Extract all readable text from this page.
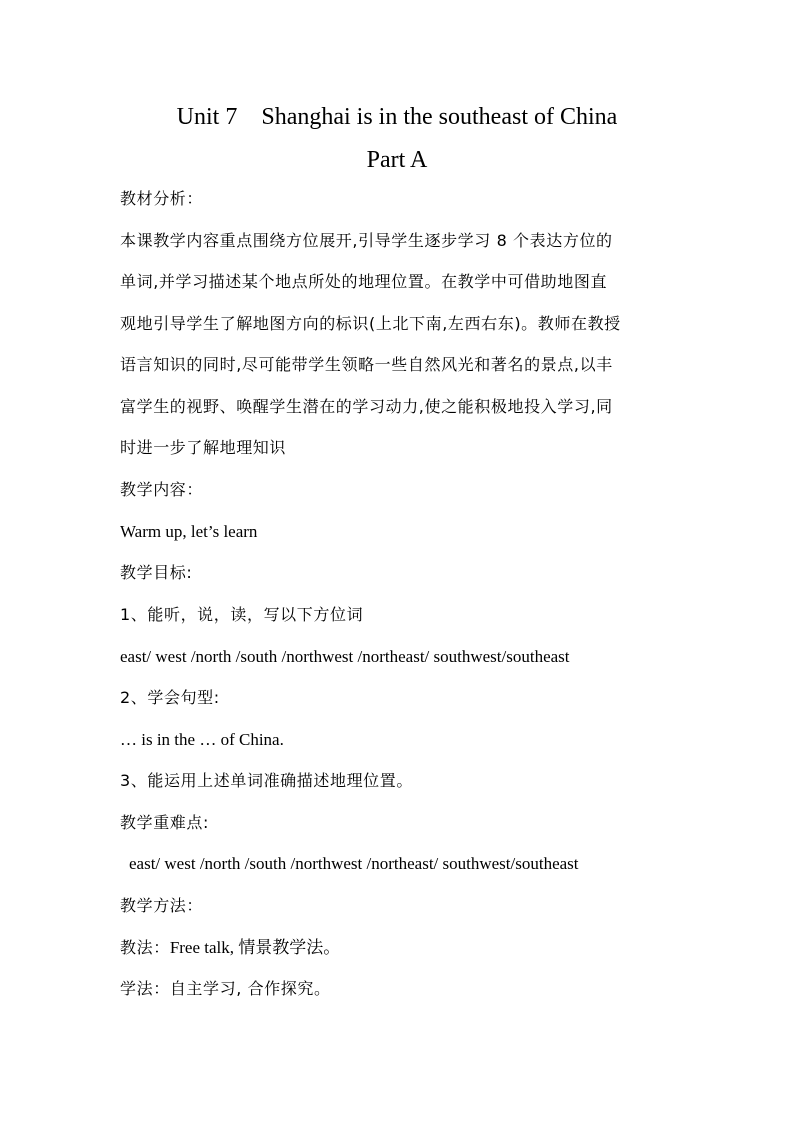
Unit 7 Shanghai is in the southeast of China
Part A
教材分析：
本课教学内容重点围绕方位展开,引导学生逐步学习 8 个表达方位的
单词,并学习描述某个地点所处的地理位置。在教学中可借助地图直
观地引导学生了解地图方向的标识(上北下南,左西右东)。教师在教授
语言知识的同时,尽可能带学生领略一些自然风光和著名的景点,以丰
富学生的视野、唤醒学生潜在的学习动力,使之能积极地投入学习,同
时进一步了解地理知识
教学内容：
Warm up, let’s learn
教学目标:
1、能听，说，读，写以下方位词
east/ west /north /south /northwest /northeast/ southwest/southeast
2、学会句型:
… is in the … of China.
3、能运用上述单词准确描述地理位置。
教学重难点:
east/ west /north /south /northwest /northeast/ southwest/southeast
教学方法：
教法：Free talk, 情景教学法。
学法：自主学习, 合作探究。
